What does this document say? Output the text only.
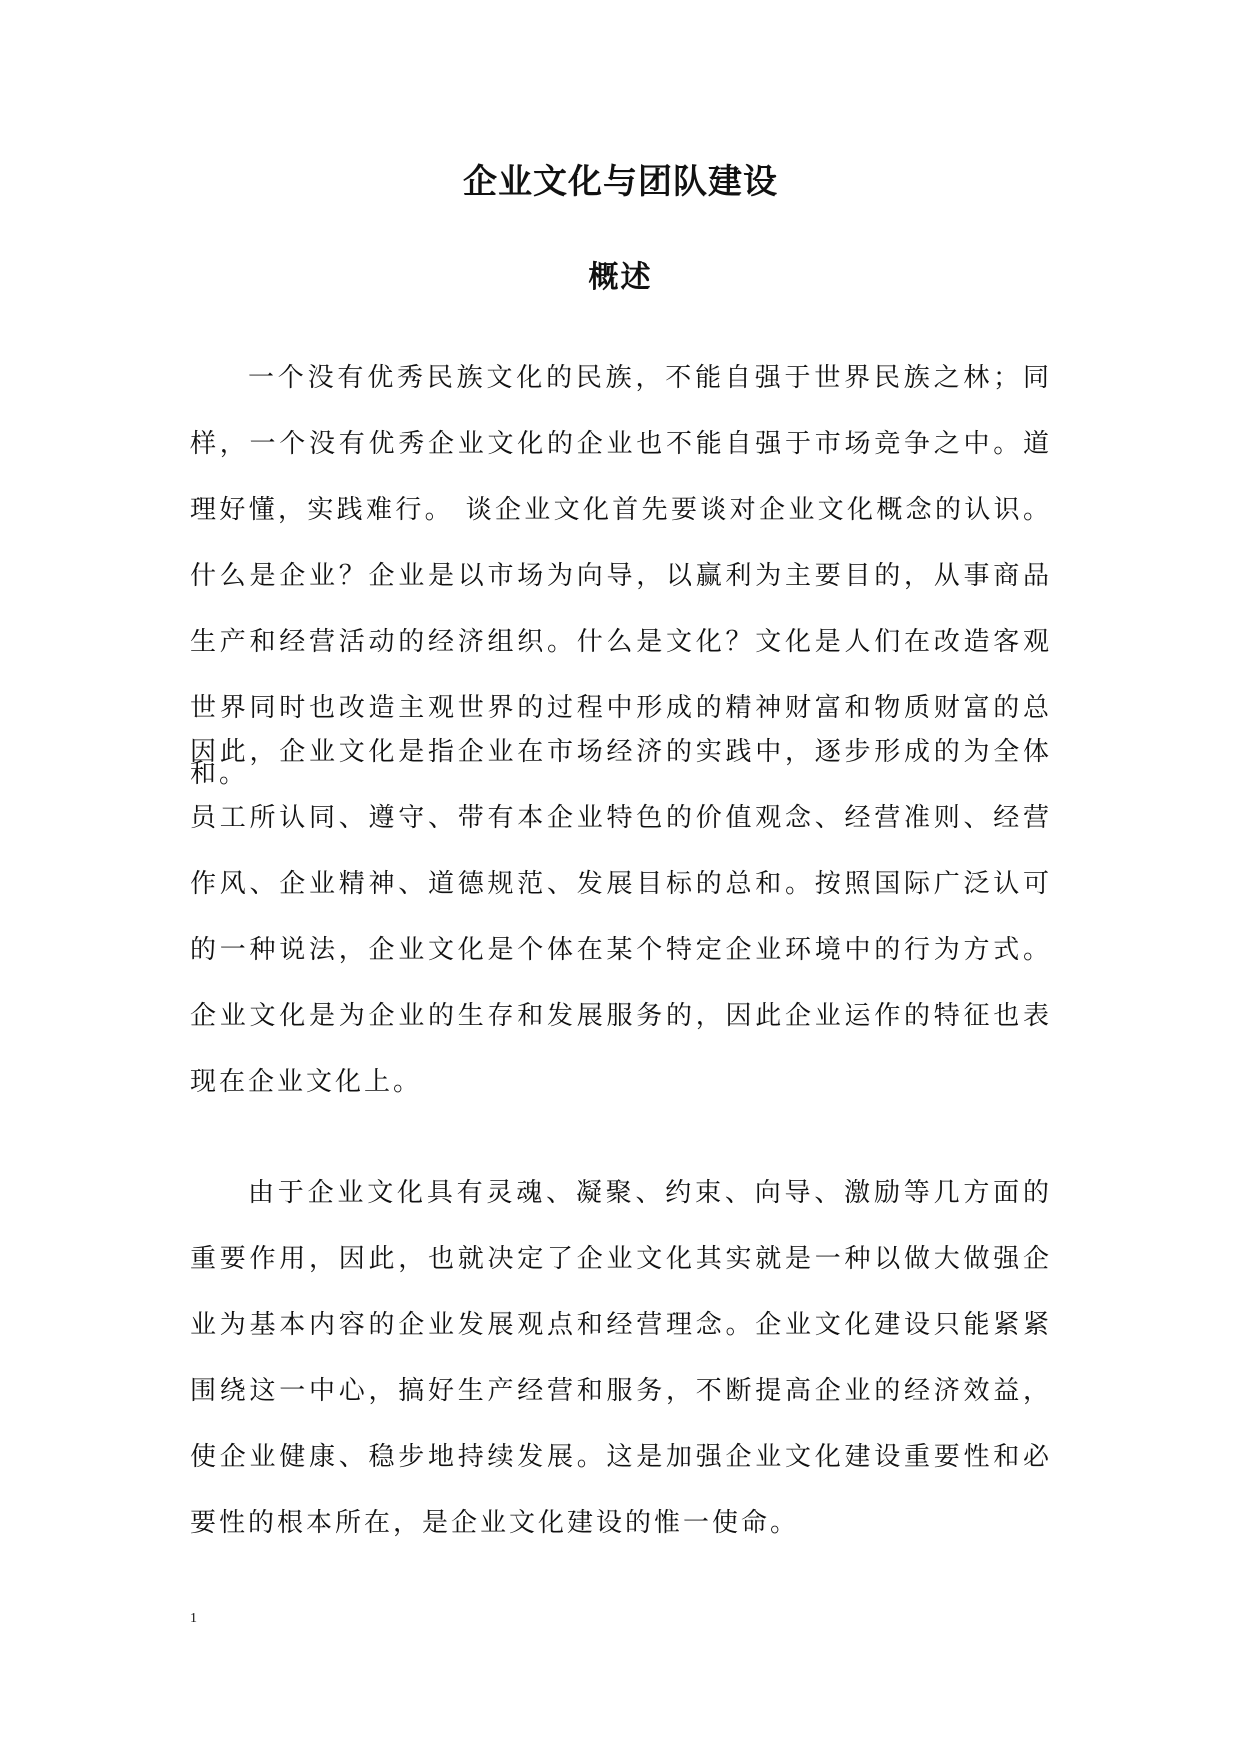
企业文化与团队建设
概述

一个没有优秀民族文化的民族，不能自强于世界民族之林；同样，一个没有优秀企业文化的企业也不能自强于市场竞争之中。道理好懂，实践难行。 谈企业文化首先要谈对企业文化概念的认识。什么是企业？企业是以市场为向导，以赢利为主要目的，从事商品生产和经营活动的经济组织。什么是文化？文化是人们在改造客观世界同时也改造主观世界的过程中形成的精神财富和物质财富的总和。

因此，企业文化是指企业在市场经济的实践中，逐步形成的为全体员工所认同、遵守、带有本企业特色的价值观念、经营准则、经营作风、企业精神、道德规范、发展目标的总和。按照国际广泛认可的一种说法，企业文化是个体在某个特定企业环境中的行为方式。企业文化是为企业的生存和发展服务的，因此企业运作的特征也表现在企业文化上。

由于企业文化具有灵魂、凝聚、约束、向导、激励等几方面的重要作用，因此，也就决定了企业文化其实就是一种以做大做强企业为基本内容的企业发展观点和经营理念。企业文化建设只能紧紧围绕这一中心，搞好生产经营和服务，不断提高企业的经济效益，使企业健康、稳步地持续发展。这是加强企业文化建设重要性和必要性的根本所在，是企业文化建设的惟一使命。

1
